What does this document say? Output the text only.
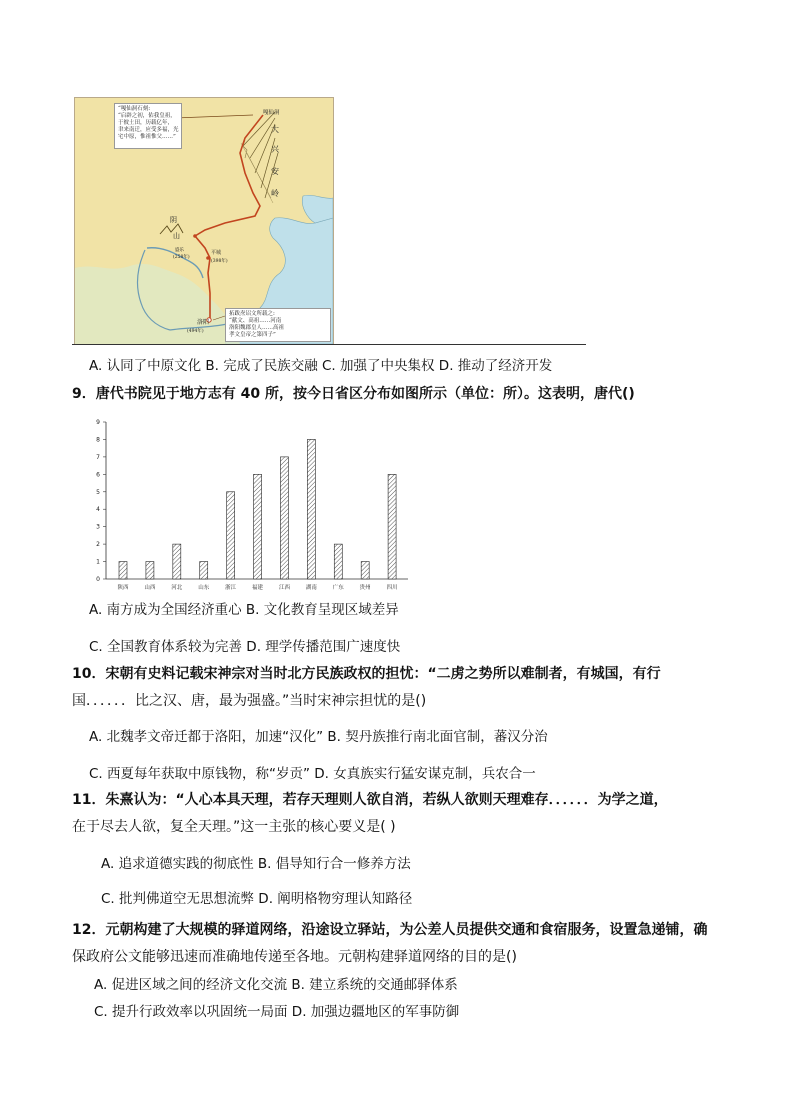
嘎仙洞
大
兴
安
岭
阴
山
平城
(398年)
洛阳
(494年)
盛乐
(258年)
“嘎仙洞石刻:
“启辟之初，佑我皇祖，
于彼土田，历载亿年，
聿来南迁，应受多福，光
宅中原，惟祖惟父……”
拓跋焘诏文所载之:
“献文、高祖……河南
洛阳魏郡皇人……高祖
孝文皇帝之第四子”
A. 认同了中原文化 B. 完成了民族交融 C. 加强了中央集权 D. 推动了经济开发
9．唐代书院见于地方志有 40 所，按今日省区分布如图所示（单位：所）。这表明，唐代()
0
1
2
3
4
5
6
7
8
9
陕西	山西	河北	山东	浙江	福建	江西	湖南	广东	贵州	四川
A. 南方成为全国经济重心 B. 文化教育呈现区域差异
C. 全国教育体系较为完善 D. 理学传播范围广速度快
10．宋朝有史料记载宋神宗对当时北方民族政权的担忧：“二虏之势所以难制者，有城国，有行
国．．．．．．比之汉、唐，最为强盛。”当时宋神宗担忧的是()
A. 北魏孝文帝迁都于洛阳，加速“汉化” B. 契丹族推行南北面官制，蕃汉分治
C. 西夏每年获取中原钱物，称“岁贡” D. 女真族实行猛安谋克制，兵农合一
11．朱熹认为：“人心本具天理，若存天理则人欲自消，若纵人欲则天理难存．．．．．．为学之道，
在于尽去人欲，复全天理。”这一主张的核心要义是( )
A. 追求道德实践的彻底性 B. 倡导知行合一修养方法
C. 批判佛道空无思想流弊 D. 阐明格物穷理认知路径
12．元朝构建了大规模的驿道网络，沿途设立驿站，为公差人员提供交通和食宿服务，设置急递铺，确
保政府公文能够迅速而准确地传递至各地。元朝构建驿道网络的目的是()
A. 促进区域之间的经济文化交流 B. 建立系统的交通邮驿体系
C. 提升行政效率以巩固统一局面 D. 加强边疆地区的军事防御
